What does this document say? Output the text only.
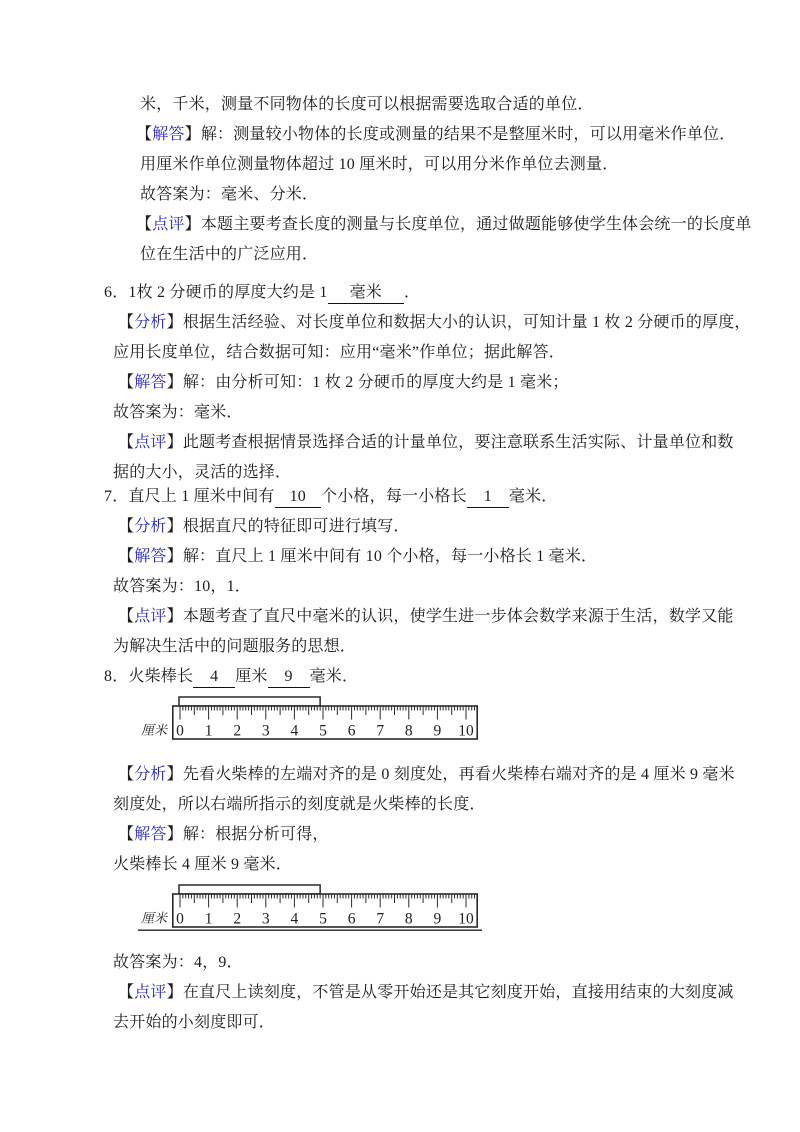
米，千米，测量不同物体的长度可以根据需要选取合适的单位．
【解答】解：测量较小物体的长度或测量的结果不是整厘米时，可以用毫米作单位．
用厘米作单位测量物体超过 10 厘米时，可以用分米作单位去测量．
故答案为：毫米、分米．
【点评】本题主要考查长度的测量与长度单位，通过做题能够使学生体会统一的长度单
位在生活中的广泛应用．
6．1枚 2 分硬币的厚度大约是 1 毫米 ．
【分析】根据生活经验、对长度单位和数据大小的认识，可知计量 1 枚 2 分硬币的厚度，
应用长度单位，结合数据可知：应用“毫米”作单位；据此解答．
【解答】解：由分析可知：1 枚 2 分硬币的厚度大约是 1 毫米；
故答案为：毫米．
【点评】此题考查根据情景选择合适的计量单位，要注意联系生活实际、计量单位和数
据的大小，灵活的选择．
7．直尺上 1 厘米中间有 10 个小格，每一小格长 1 毫米．
【分析】根据直尺的特征即可进行填写．
【解答】解：直尺上 1 厘米中间有 10 个小格，每一小格长 1 毫米．
故答案为：10，1．
【点评】本题考查了直尺中毫米的认识，使学生进一步体会数学来源于生活，数学又能
为解决生活中的问题服务的思想．
8．火柴棒长 4 厘米 9 毫米．
0 1 2 3 4 5 6 7 8 9 10
厘米
【分析】先看火柴棒的左端对齐的是 0 刻度处，再看火柴棒右端对齐的是 4 厘米 9 毫米
刻度处，所以右端所指示的刻度就是火柴棒的长度．
【解答】解：根据分析可得，
火柴棒长 4 厘米 9 毫米．
0 1 2 3 4 5 6 7 8 9 10
厘米
故答案为：4，9．
【点评】在直尺上读刻度，不管是从零开始还是其它刻度开始，直接用结束的大刻度减
去开始的小刻度即可．
